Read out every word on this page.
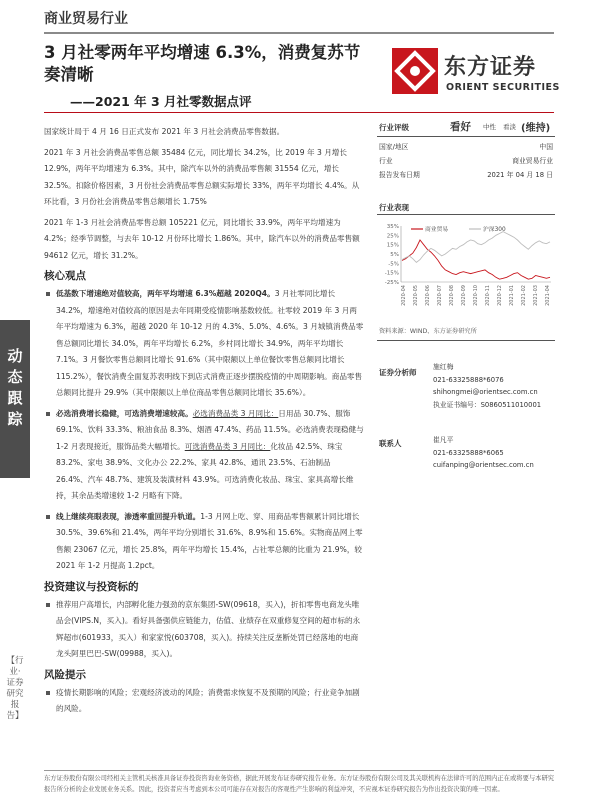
商业贸易行业
3 月社零两年平均增速 6.3%，消费复苏节奏清晰
——2021 年 3 月社零数据点评
东方证券
ORIENT SECURITIES

国家统计局于 4 月 16 日正式发布 2021 年 3 月社会消费品零售数据。

2021 年 3 月社会消费品零售总额 35484 亿元，同比增长 34.2%，比 2019 年 3 月增长 12.9%，两年平均增速为 6.3%。其中，除汽车以外的消费品零售额 31554 亿元，增长 32.5%。扣除价格因素，3 月份社会消费品零售总额实际增长 33%，两年平均增长 4.4%。从环比看，3 月份社会消费品零售总额增长 1.75%

2021 年 1-3 月社会消费品零售总额 105221 亿元，同比增长 33.9%，两年平均增速为 4.2%；经季节调整，与去年 10-12 月份环比增长 1.86%。其中，除汽车以外的消费品零售额 94612 亿元，增长 31.2%。

核心观点
低基数下增速绝对值较高，两年平均增速 6.3%超越 2020Q4。3 月社零同比增长 34.2%，增速绝对值较高的原因是去年同期受疫情影响基数较低。社零较 2019 年 3 月两年平均增速为 6.3%，超越 2020 年 10-12 月的 4.3%、5.0%、4.6%。3 月城镇消费品零售总额同比增长 34.0%，两年平均增长 6.2%，乡村同比增长 34.9%，两年平均增长 7.1%。3 月餐饮零售总额同比增长 91.6%（其中限额以上单位餐饮零售总额同比增长 115.2%），餐饮消费全面复苏表明线下到店式消费正逐步摆脱疫情的中周期影响。商品零售总额同比提升 29.9%（其中限额以上单位商品零售总额同比增长 35.6%）。
必选消费增长稳健，可选消费增速较高。必选消费品类 3 月同比：日用品 30.7%、服饰 69.1%、饮料 33.3%、粮油食品 8.3%、烟酒 47.4%、药品 11.5%。必选消费表现稳健与 1-2 月表现接近，服饰品类大幅增长。可选消费品类 3 月同比：化妆品 42.5%、珠宝 83.2%、家电 38.9%、文化办公 22.2%、家具 42.8%、通讯 23.5%、石油制品 26.4%、汽车 48.7%、建筑及装潢材料 43.9%。可选消费化妆品、珠宝、家具高增长维持，其余品类增速较 1-2 月略有下降。
线上继续亮眼表现，渗透率重回提升轨道。1-3 月网上吃、穿、用商品零售额累计同比增长 30.5%、39.6%和 21.4%，两年平均分别增长 31.6%、8.9%和 15.6%。实物商品网上零售额 23067 亿元，增长 25.8%，两年平均增长 15.4%，占社零总额的比重为 21.9%，较 2021 年 1-2 月提高 1.2pct。
投资建议与投资标的
推荐用户高增长，内部孵化能力强劲的京东集团-SW(09618，买入)，折扣零售电商龙头唯品会(VIPS.N，买入)。看好具备强供应链能力，估值、业绩存在双重修复空间的超市标的永辉超市(601933，买入）和家家悦(603708，买入)。持续关注反垄断处罚已经落地的电商龙头阿里巴巴-SW(09988，买入)。
风险提示
疫情长期影响的风险；宏观经济波动的风险；消费需求恢复不及预期的风险；行业竞争加剧的风险。
动态跟踪
【行业·证券研究报告】
行业评级	看好 中性 看淡 (维持)
国家/地区	中国
行业	商业贸易行业
报告发布日期	2021 年 04 月 18 日
行业表现
-25%
-15%
-5%
5%
15%
25%
35%
2020-04 2020-05 2020-06 2020-07 2020-08 2020-09 2020-10 2020-11 2020-12 2021-01 2021-02 2021-03 2021-04
商业贸易	沪深300
资料来源：WIND、东方证券研究所
证券分析师
施红梅
021-63325888*6076
shihongmei@orientsec.com.cn
执业证书编号：S0860511010001
联系人	崔凡平
021-63325888*6065
cuifanping@orientsec.com.cn
东方证券股份有限公司经相关主管机关核准具备证券投资咨询业务资格，据此开展发布证券研究报告业务。东方证券股份有限公司及其关联机构在法律许可的范围内正在或将要与本研究报告所分析的企业发展业务关系。因此，投资者应当考虑到本公司可能存在对报告的客观性产生影响的利益冲突，不应视本证券研究报告为作出投资决策的唯一因素。
